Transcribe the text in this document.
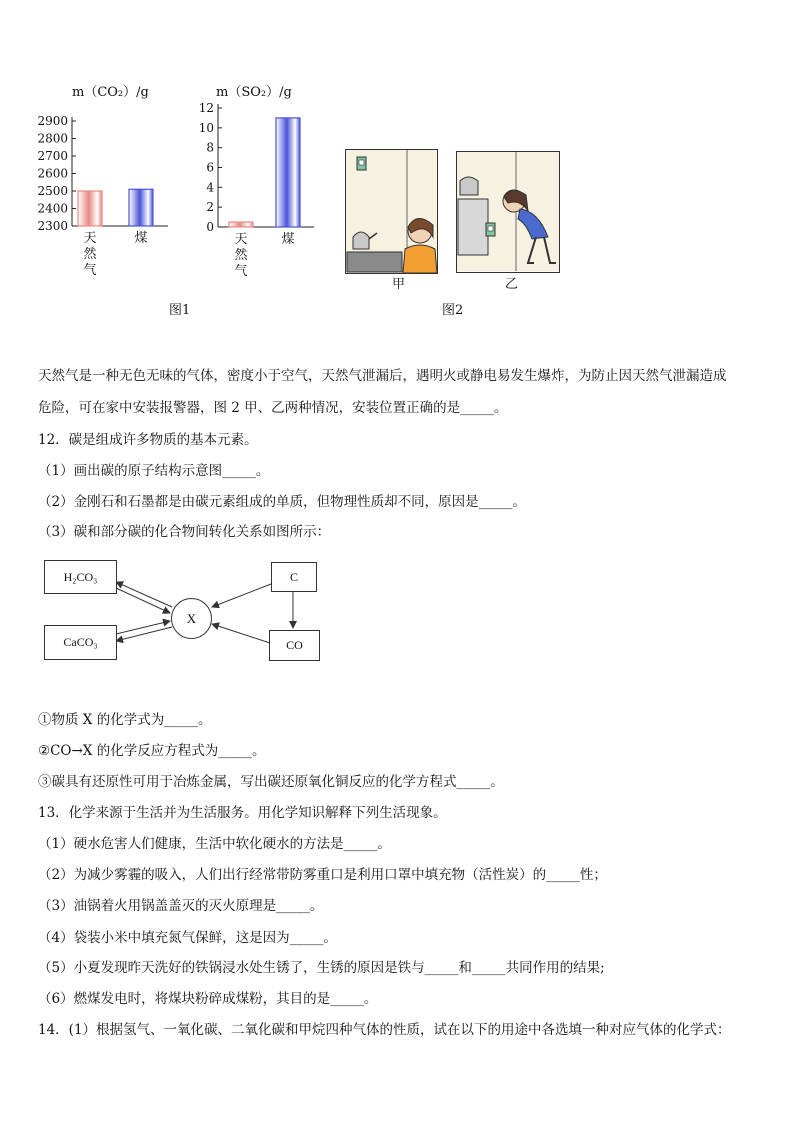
m（CO₂）/g
2900
2800
2700
2600
2500
2400
2300
天
然
气
煤
m（SO₂）/g
12
10
8
6
4
2
0
天
然
气
煤
图1
甲	乙
图2
天然气是一种无色无味的气体，密度小于空气，天然气泄漏后，遇明火或静电易发生爆炸，为防止因天然气泄漏造成
危险，可在家中安装报警器，图 2 甲、乙两种情况，安装位置正确的是_____。
12．碳是组成许多物质的基本元素。
（1）画出碳的原子结构示意图_____。
（2）金刚石和石墨都是由碳元素组成的单质，但物理性质却不同，原因是_____。
（3）碳和部分碳的化合物间转化关系如图所示：
H₂CO₃
CaCO₃
X
C
CO
①物质 X 的化学式为_____。
②CO→X 的化学反应方程式为_____。
③碳具有还原性可用于冶炼金属，写出碳还原氧化铜反应的化学方程式_____。
13．化学来源于生活并为生活服务。用化学知识解释下列生活现象。
（1）硬水危害人们健康，生活中软化硬水的方法是_____。
（2）为减少雾霾的吸入，人们出行经常带防雾重口是利用口罩中填充物（活性炭）的_____性；
（3）油锅着火用锅盖盖灭的灭火原理是_____。
（4）袋装小米中填充氮气保鲜，这是因为_____。
（5）小夏发现昨天洗好的铁锅浸水处生锈了，生锈的原因是铁与_____和_____共同作用的结果;
（6）燃煤发电时，将煤块粉碎成煤粉，其目的是_____。
14．(1）根据氢气、一氧化碳、二氧化碳和甲烷四种气体的性质，试在以下的用途中各选填一种对应气体的化学式：
